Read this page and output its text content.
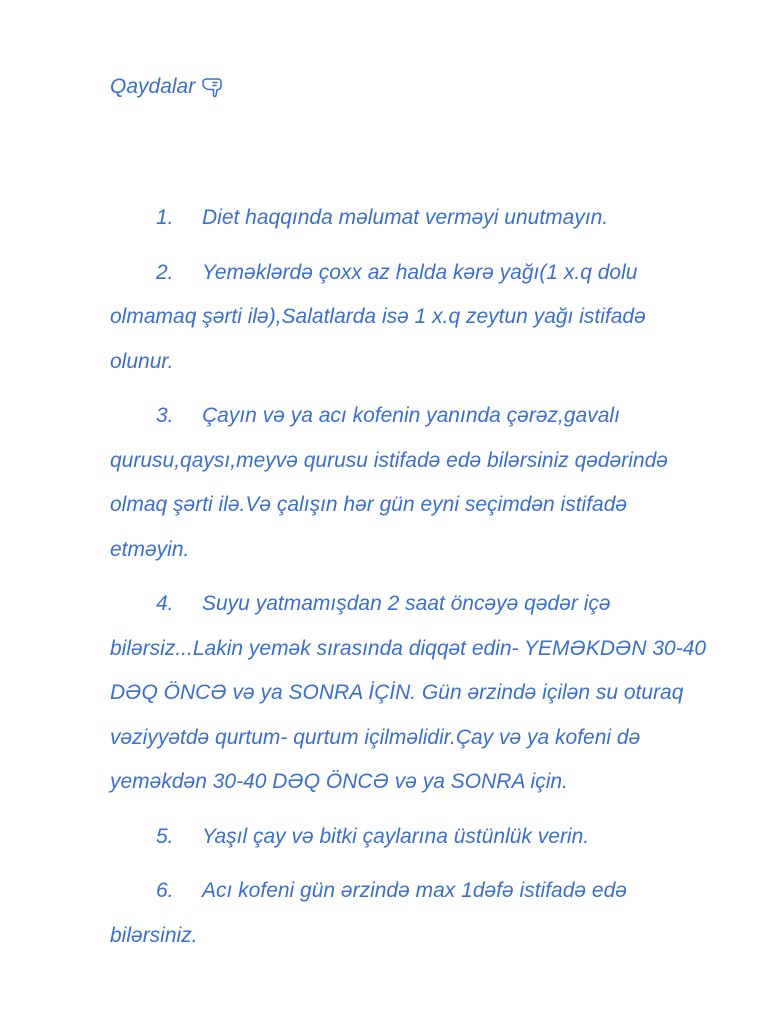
Qaydalar
1. Diet haqqında məlumat verməyi unutmayın.
2. Yeməklərdə çoxx az halda kərə yağı(1 x.q dolu olmamaq şərti ilə),Salatlarda isə 1 x.q zeytun yağı istifadə olunur.
3. Çayın və ya acı kofenin yanında çərəz,gavalı qurusu,qaysı,meyvə qurusu istifadə edə bilərsiniz qədərində olmaq şərti ilə.Və çalışın hər gün eyni seçimdən istifadə etməyin.
4. Suyu yatmamışdan 2 saat öncəyə qədər içə bilərsiz...Lakin yemək sırasında diqqət edin- YEMƏKDƏN 30-40 DƏQ ÖNCƏ və ya SONRA İÇİN. Gün ərzində içilən su oturaq vəziyyətdə qurtum- qurtum içilməlidir.Çay və ya kofeni də yeməkdən 30-40 DƏQ ÖNCƏ və ya SONRA için.
5. Yaşıl çay və bitki çaylarına üstünlük verin.
6. Acı kofeni gün ərzində max 1dəfə istifadə edə bilərsiniz.
